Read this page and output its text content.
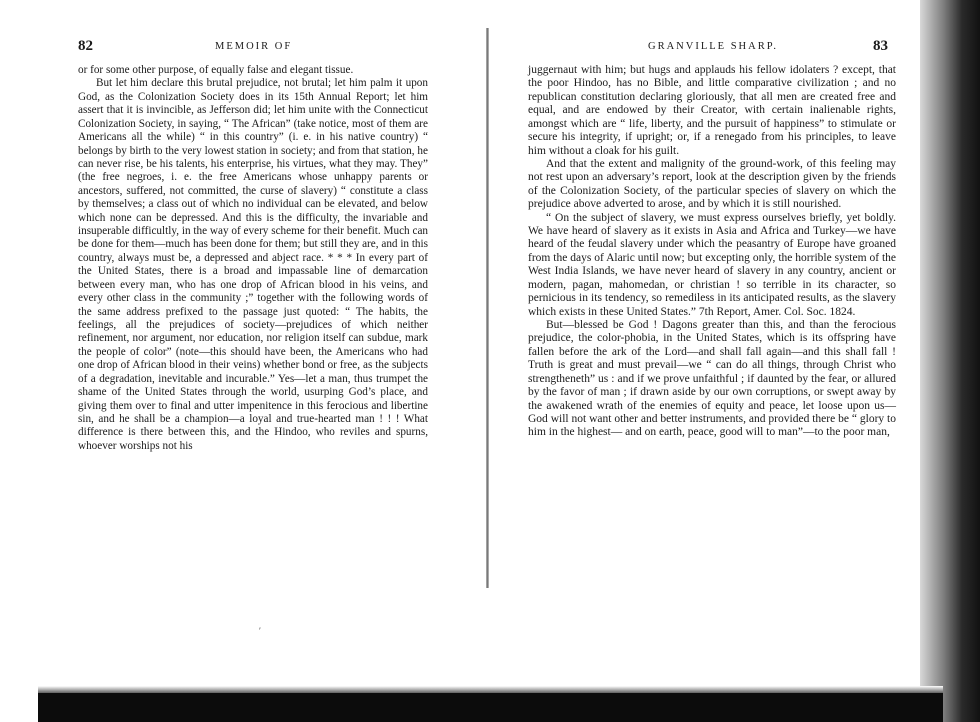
82	MEMOIR OF

or for some other purpose, of equally false and elegant tissue.

But let him declare this brutal prejudice, not brutal; let him palm it upon God, as the Colonization Society does in its 15th Annual Report; let him assert that it is invincible, as Jefferson did; let him unite with the Connecticut Colonization Society, in saying, “ The African” (take notice, most of them are Americans all the while) “ in this country” (i. e. in his native country) “ belongs by birth to the very lowest station in society; and from that station, he can never rise, be his talents, his enterprise, his virtues, what they may. They” (the free negroes, i. e. the free Americans whose unhappy parents or ancestors, suffered, not committed, the curse of slavery) “ constitute a class by themselves; a class out of which no individual can be elevated, and below which none can be depressed. And this is the difficulty, the invariable and insuperable difficultly, in the way of every scheme for their benefit. Much can be done for them—much has been done for them; but still they are, and in this country, always must be, a depressed and abject race. * * * In every part of the United States, there is a broad and impassable line of demarcation between every man, who has one drop of African blood in his veins, and every other class in the community ;” together with the following words of the same address prefixed to the passage just quoted: “ The habits, the feelings, all the prejudices of society—prejudices of which neither refinement, nor argument, nor education, nor religion itself can subdue, mark the people of color” (note—this should have been, the Americans who had one drop of African blood in their veins) whether bond or free, as the subjects of a degradation, inevitable and incurable.” Yes—let a man, thus trumpet the shame of the United States through the world, usurping God’s place, and giving them over to final and utter impenitence in this ferocious and libertine sin, and he shall be a champion—a loyal and true-hearted man ! ! ! What difference is there between this, and the Hindoo, who reviles and spurns, whoever worships not his

′
GRANVILLE SHARP.	83

juggernaut with him; but hugs and applauds his fellow idolaters ? except, that the poor Hindoo, has no Bible, and little comparative civilization ; and no republican constitution declaring gloriously, that all men are created free and equal, and are endowed by their Creator, with certain inalienable rights, amongst which are “ life, liberty, and the pursuit of happiness” to stimulate or secure his integrity, if upright; or, if a renegado from his principles, to leave him without a cloak for his guilt.

And that the extent and malignity of the ground-work, of this feeling may not rest upon an adversary’s report, look at the description given by the friends of the Colonization Society, of the particular species of slavery on which the prejudice above adverted to arose, and by which it is still nourished.

“ On the subject of slavery, we must express ourselves briefly, yet boldly. We have heard of slavery as it exists in Asia and Africa and Turkey—we have heard of the feudal slavery under which the peasantry of Europe have groaned from the days of Alaric until now; but excepting only, the horrible system of the West India Islands, we have never heard of slavery in any country, ancient or modern, pagan, mahomedan, or christian ! so terrible in its character, so pernicious in its tendency, so remediless in its anticipated results, as the slavery which exists in these United States.” 7th Report, Amer. Col. Soc. 1824.

But—blessed be God ! Dagons greater than this, and than the ferocious prejudice, the color-phobia, in the United States, which is its offspring have fallen before the ark of the Lord—and shall fall again—and this shall fall ! Truth is great and must prevail—we “ can do all things, through Christ who strengtheneth” us : and if we prove unfaithful ; if daunted by the fear, or allured by the favor of man ; if drawn aside by our own corruptions, or swept away by the awakened wrath of the enemies of equity and peace, let loose upon us—God will not want other and better instruments, and provided there be “ glory to him in the highest— and on earth, peace, good will to man”—to the poor man,
